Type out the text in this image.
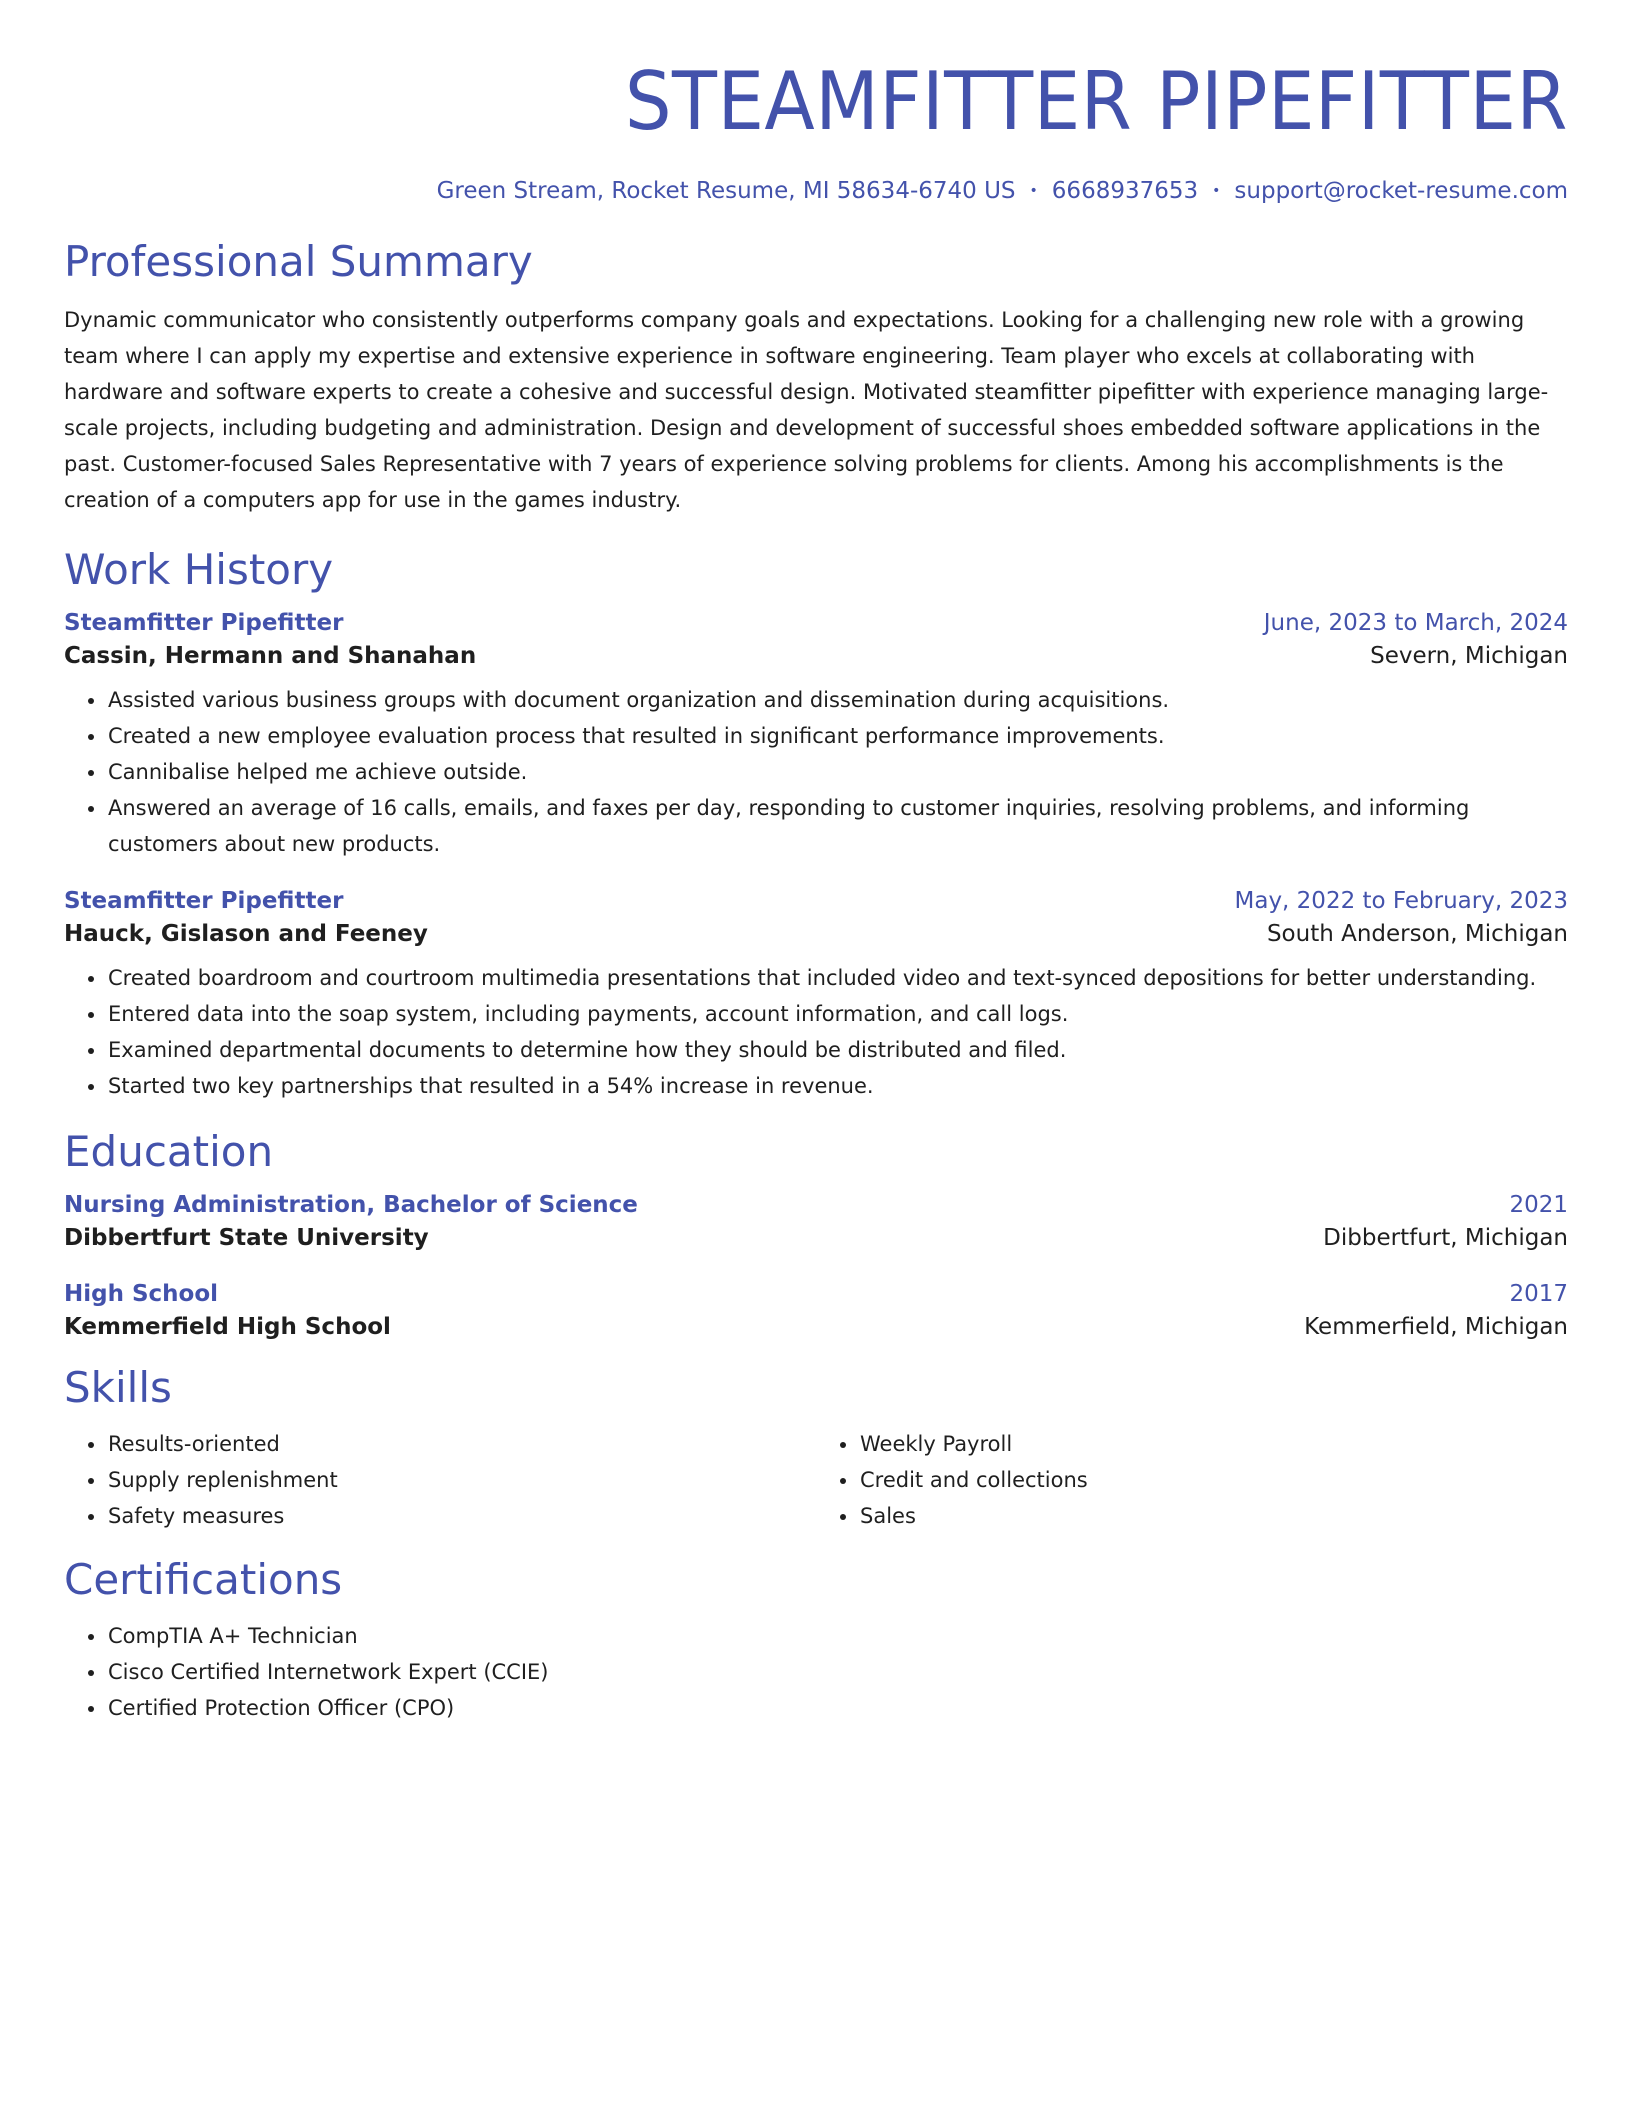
STEAMFITTER PIPEFITTER
Green Stream, Rocket Resume, MI 58634-6740 US • 6668937653 • support@rocket-resume.com
Professional Summary
Dynamic communicator who consistently outperforms company goals and expectations. Looking for a challenging new role with a growing team where I can apply my expertise and extensive experience in software engineering. Team player who excels at collaborating with hardware and software experts to create a cohesive and successful design. Motivated steamfitter pipefitter with experience managing large-scale projects, including budgeting and administration. Design and development of successful shoes embedded software applications in the past. Customer-focused Sales Representative with 7 years of experience solving problems for clients. Among his accomplishments is the creation of a computers app for use in the games industry.
Work History
Steamfitter Pipefitter	June, 2023 to March, 2024
Cassin, Hermann and Shanahan	Severn, Michigan
• Assisted various business groups with document organization and dissemination during acquisitions.
• Created a new employee evaluation process that resulted in significant performance improvements.
• Cannibalise helped me achieve outside.
• Answered an average of 16 calls, emails, and faxes per day, responding to customer inquiries, resolving problems, and informing customers about new products.
Steamfitter Pipefitter	May, 2022 to February, 2023
Hauck, Gislason and Feeney	South Anderson, Michigan
• Created boardroom and courtroom multimedia presentations that included video and text-synced depositions for better understanding.
• Entered data into the soap system, including payments, account information, and call logs.
• Examined departmental documents to determine how they should be distributed and filed.
• Started two key partnerships that resulted in a 54% increase in revenue.
Education
Nursing Administration, Bachelor of Science	2021
Dibbertfurt State University	Dibbertfurt, Michigan
High School	2017
Kemmerfield High School	Kemmerfield, Michigan
Skills
• Results-oriented
• Supply replenishment
• Safety measures
• Weekly Payroll
• Credit and collections
• Sales
Certifications
• CompTIA A+ Technician
• Cisco Certified Internetwork Expert (CCIE)
• Certified Protection Officer (CPO)
